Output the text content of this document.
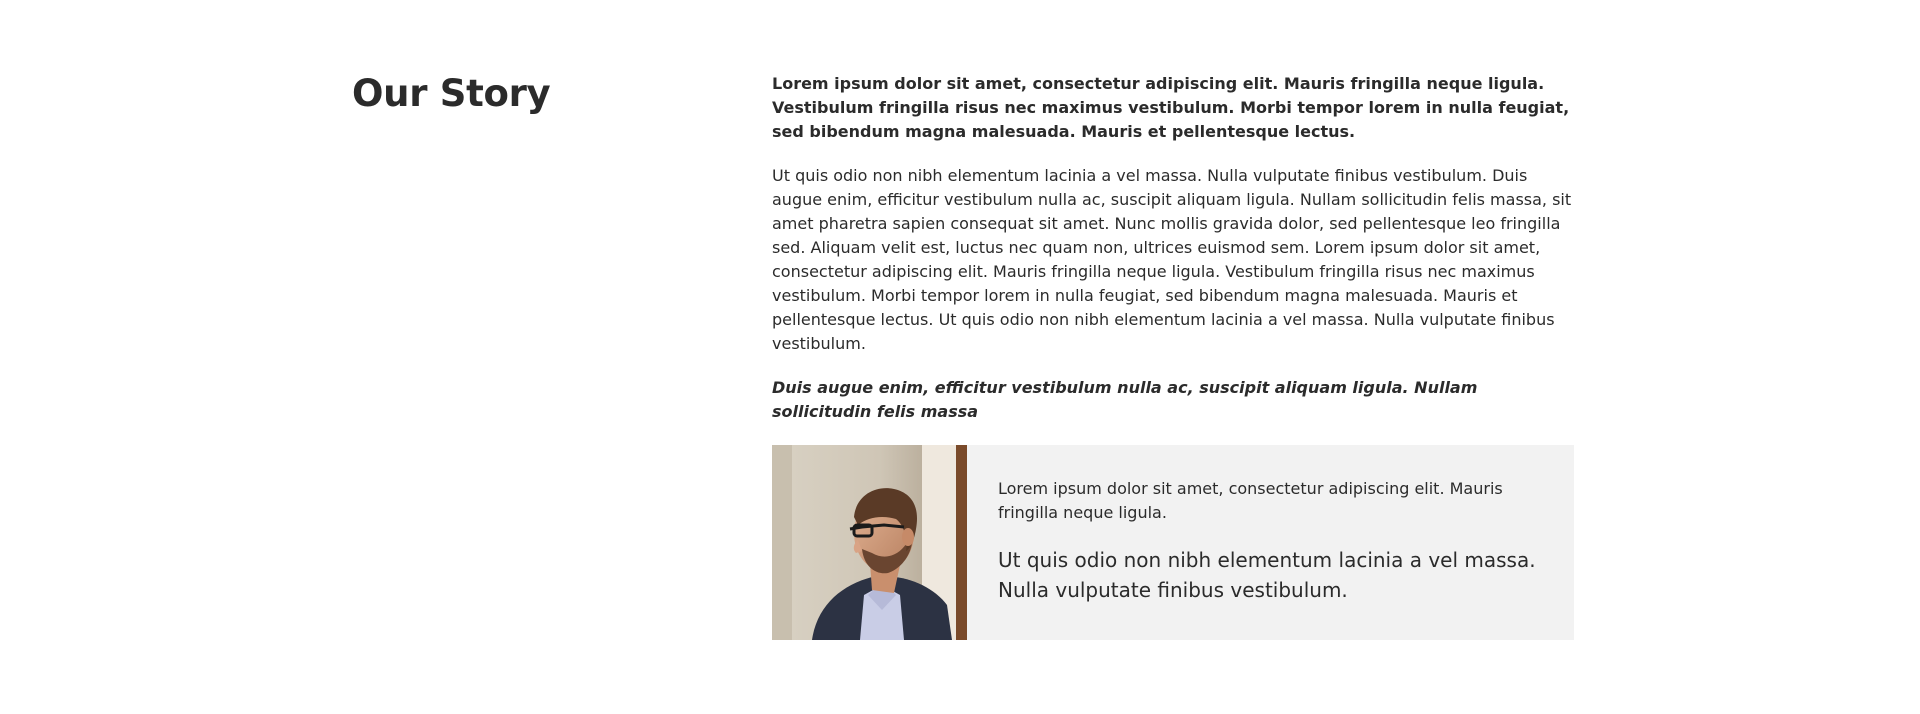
Our Story	Lorem ipsum dolor sit amet, consectetur adipiscing elit. Mauris fringilla neque ligula. Vestibulum fringilla risus nec maximus vestibulum. Morbi tempor lorem in nulla feugiat, sed bibendum magna malesuada. Mauris et pellentesque lectus.

Ut quis odio non nibh elementum lacinia a vel massa. Nulla vulputate finibus vestibulum. Duis augue enim, efficitur vestibulum nulla ac, suscipit aliquam ligula. Nullam sollicitudin felis massa, sit amet pharetra sapien consequat sit amet. Nunc mollis gravida dolor, sed pellentesque leo fringilla sed. Aliquam velit est, luctus nec quam non, ultrices euismod sem. Lorem ipsum dolor sit amet, consectetur adipiscing elit. Mauris fringilla neque ligula. Vestibulum fringilla risus nec maximus vestibulum. Morbi tempor lorem in nulla feugiat, sed bibendum magna malesuada. Mauris et pellentesque lectus. Ut quis odio non nibh elementum lacinia a vel massa. Nulla vulputate finibus vestibulum.

Duis augue enim, efficitur vestibulum nulla ac, suscipit aliquam ligula. Nullam sollicitudin felis massa

Lorem ipsum dolor sit amet, consectetur adipiscing elit. Mauris fringilla neque ligula.

Ut quis odio non nibh elementum lacinia a vel massa. Nulla vulputate finibus vestibulum.
